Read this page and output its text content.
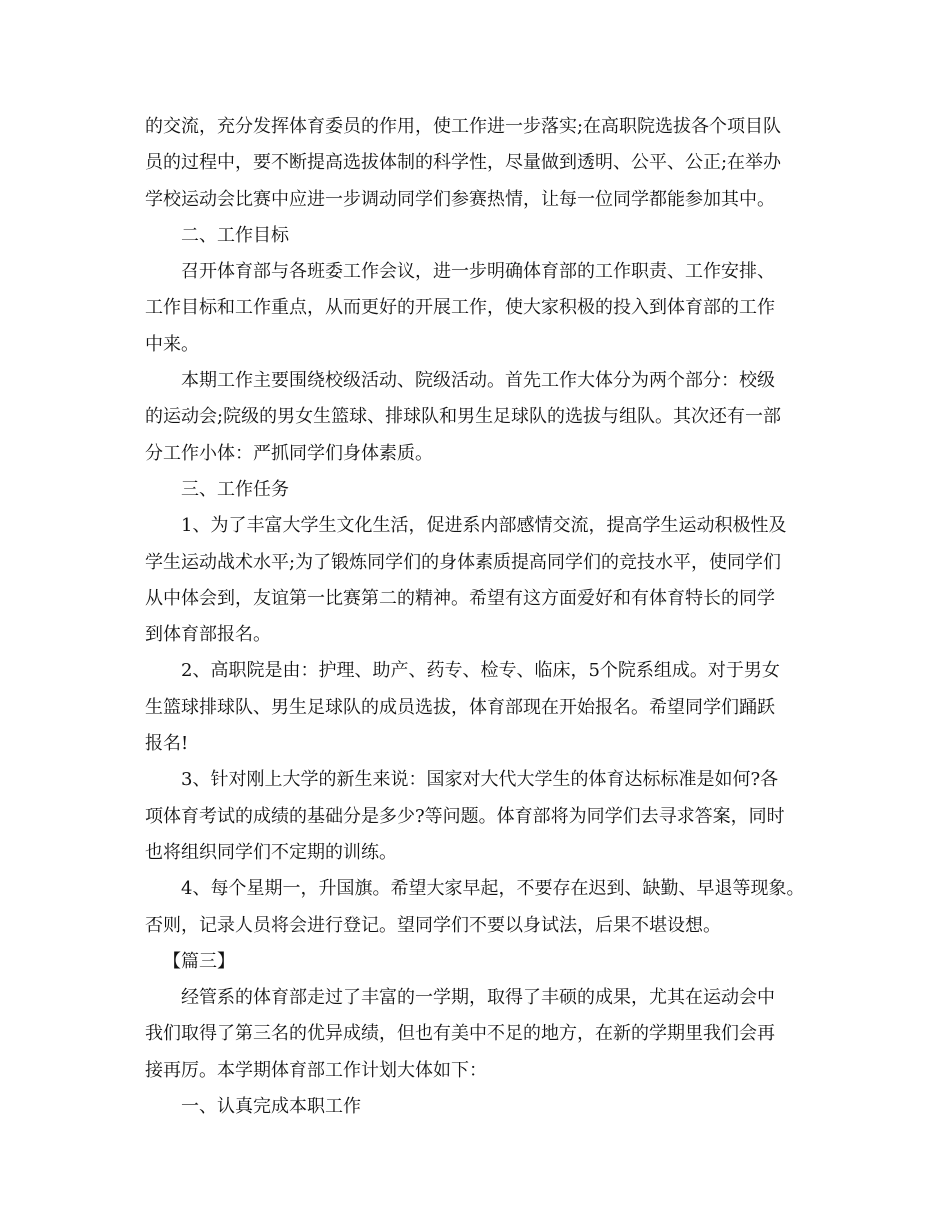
的交流，充分发挥体育委员的作用，使工作进一步落实;在高职院选拔各个项目队
员的过程中，要不断提高选拔体制的科学性，尽量做到透明、公平、公正;在举办
学校运动会比赛中应进一步调动同学们参赛热情，让每一位同学都能参加其中。
二、工作目标
召开体育部与各班委工作会议，进一步明确体育部的工作职责、工作安排、
工作目标和工作重点，从而更好的开展工作，使大家积极的投入到体育部的工作
中来。
本期工作主要围绕校级活动、院级活动。首先工作大体分为两个部分：校级
的运动会;院级的男女生篮球、排球队和男生足球队的选拔与组队。其次还有一部
分工作小体：严抓同学们身体素质。
三、工作任务
1、为了丰富大学生文化生活，促进系内部感情交流，提高学生运动积极性及
学生运动战术水平;为了锻炼同学们的身体素质提高同学们的竞技水平，使同学们
从中体会到，友谊第一比赛第二的精神。希望有这方面爱好和有体育特长的同学
到体育部报名。
2、高职院是由：护理、助产、药专、检专、临床，5个院系组成。对于男女
生篮球排球队、男生足球队的成员选拔，体育部现在开始报名。希望同学们踊跃
报名!
3、针对刚上大学的新生来说：国家对大代大学生的体育达标标准是如何?各
项体育考试的成绩的基础分是多少?等问题。体育部将为同学们去寻求答案，同时
也将组织同学们不定期的训练。
4、每个星期一，升国旗。希望大家早起，不要存在迟到、缺勤、早退等现象。
否则，记录人员将会进行登记。望同学们不要以身试法，后果不堪设想。
【篇三】
经管系的体育部走过了丰富的一学期，取得了丰硕的成果，尤其在运动会中
我们取得了第三名的优异成绩，但也有美中不足的地方，在新的学期里我们会再
接再厉。本学期体育部工作计划大体如下：
一、认真完成本职工作
